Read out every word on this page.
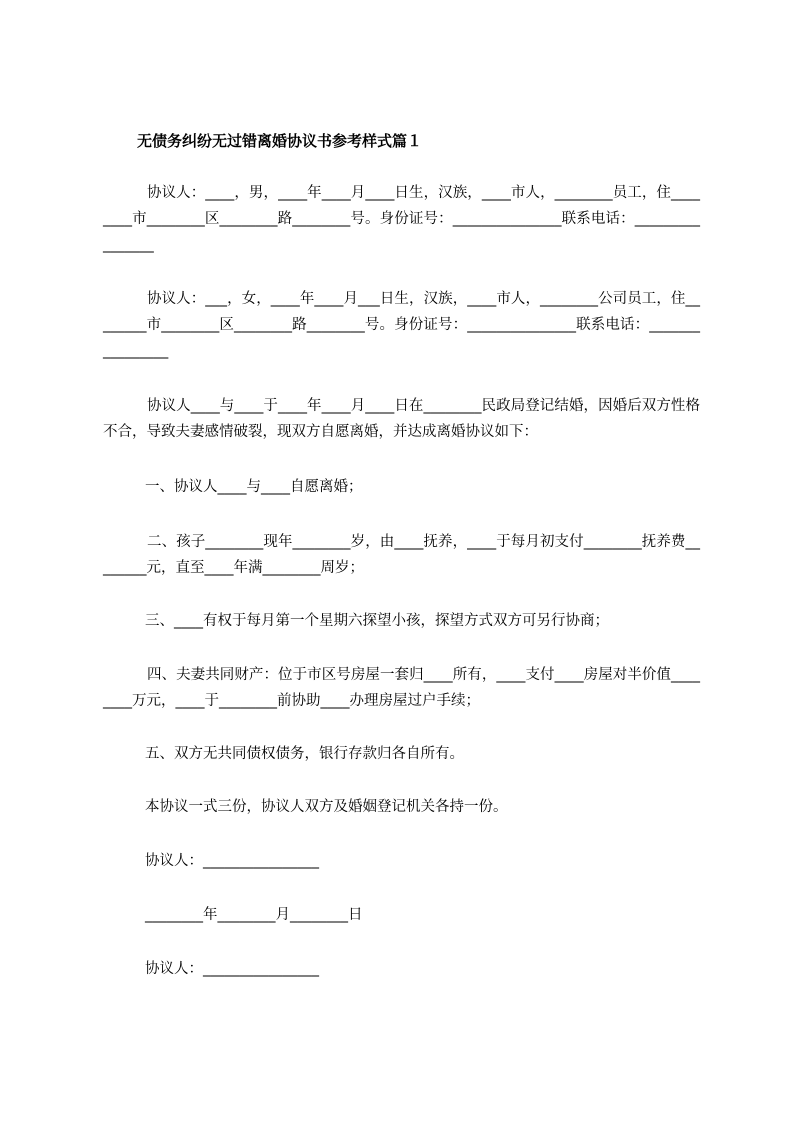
无债务纠纷无过错离婚协议书参考样式篇１
协议人：____，男，____年____月____日生，汉族，____市人，________员工，住________市________区________路________号。身份证号：_______________联系电话：________________
协议人：___，女，____年____月___日生，汉族，____市人，________公司员工，住________市________区________路________号。身份证号：_______________联系电话：________________
协议人____与____于____年____月____日在________民政局登记结婚，因婚后双方性格不合，导致夫妻感情破裂，现双方自愿离婚，并达成离婚协议如下：
一、协议人____与____自愿离婚；
二、孩子________现年________岁，由____抚养，____于每月初支付________抚养费________元，直至____年满________周岁；
三、____有权于每月第一个星期六探望小孩，探望方式双方可另行协商；
四、夫妻共同财产：位于市区号房屋一套归____所有，____支付____房屋对半价值________万元，____于________前协助____办理房屋过户手续；
五、双方无共同债权债务，银行存款归各自所有。
本协议一式三份，协议人双方及婚姻登记机关各持一份。
协议人：________________
________年________月________日
协议人：________________
